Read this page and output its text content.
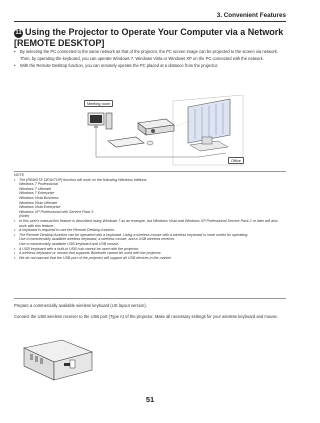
3. Convenient Features
11 Using the Projector to Operate Your Computer via a Network [REMOTE DESKTOP]
• By selecting the PC connected to the same network as that of the projector, the PC screen image can be projected to the screen via network.
Then, by operating the keyboard, you can operate Windows 7, Windows Vista or Windows XP on the PC connected with the network.
• With the Remote Desktop function, you can remotely operate the PC placed at a distance from the projector.
Meeting room
Office
NOTE
• The [REMOTE DESKTOP] function will work on the following Windows editions.
Windows 7 Professional
Windows 7 Ultimate
Windows 7 Enterprise
Windows Vista Business
Windows Vista Ultimate
Windows Vista Enterprise
Windows XP Professional with Service Pack 3
(Note)
• In this user's manual this feature is described using Windows 7 as an example, but Windows Vista and Windows XP Professional Service Pack 2 or later will also work with this feature.
• A keyboard is required to use the Remote Desktop function.
• The Remote Desktop function can be operated with a keyboard. Using a wireless mouse with a wireless keyboard is more useful for operating.
Use a commercially available wireless keyboard, a wireless mouse, and a USB wireless receiver.
Use a commercially available USB keyboard and USB mouse.
• A USB keyboard with a built-in USB hub cannot be used with the projector.
• A wireless keyboard or mouse that supports Bluetooth cannot be used with the projector.
• We do not warrant that the USB port of the projector will support all USB devices in the market.
Prepare a commercially available wireless keyboard (US layout version).
Connect the USB wireless receiver to the USB port (Type A) of the projector. Make all necessary settings for your wireless keyboard and mouse.
51
